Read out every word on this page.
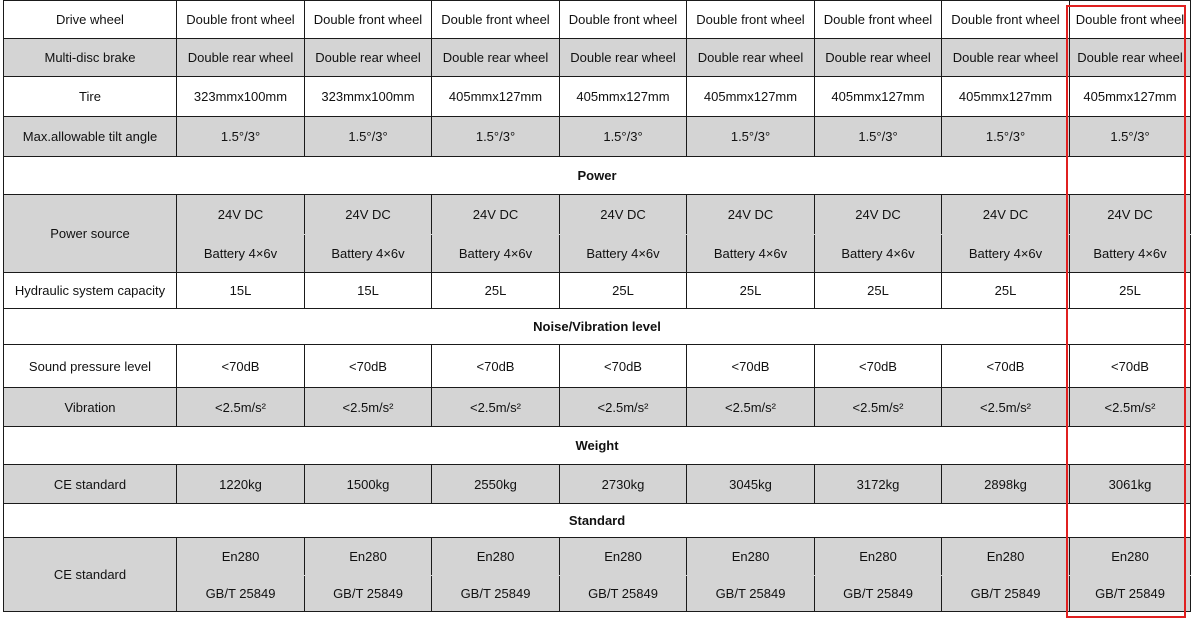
Drive wheel	Double front wheel	Double front wheel	Double front wheel	Double front wheel	Double front wheel	Double front wheel	Double front wheel	Double front wheel
Multi-disc brake	Double rear wheel	Double rear wheel	Double rear wheel	Double rear wheel	Double rear wheel	Double rear wheel	Double rear wheel	Double rear wheel
Tire	323mmx100mm	323mmx100mm	405mmx127mm	405mmx127mm	405mmx127mm	405mmx127mm	405mmx127mm	405mmx127mm
Max.allowable tilt angle	1.5°/3°	1.5°/3°	1.5°/3°	1.5°/3°	1.5°/3°	1.5°/3°	1.5°/3°	1.5°/3°
Power								
Power source	24V DC	24V DC	24V DC	24V DC	24V DC	24V DC	24V DC	24V DC
	Battery 4×6v	Battery 4×6v	Battery 4×6v	Battery 4×6v	Battery 4×6v	Battery 4×6v	Battery 4×6v	Battery 4×6v
Hydraulic system capacity	15L	15L	25L	25L	25L	25L	25L	25L
Noise/Vibration level								
Sound pressure level	<70dB	<70dB	<70dB	<70dB	<70dB	<70dB	<70dB	<70dB
Vibration	<2.5m/s²	<2.5m/s²	<2.5m/s²	<2.5m/s²	<2.5m/s²	<2.5m/s²	<2.5m/s²	<2.5m/s²
Weight								
CE standard	1220kg	1500kg	2550kg	2730kg	3045kg	3172kg	2898kg	3061kg
Standard								
CE standard	En280	En280	En280	En280	En280	En280	En280	En280
	GB/T 25849	GB/T 25849	GB/T 25849	GB/T 25849	GB/T 25849	GB/T 25849	GB/T 25849	GB/T 25849
